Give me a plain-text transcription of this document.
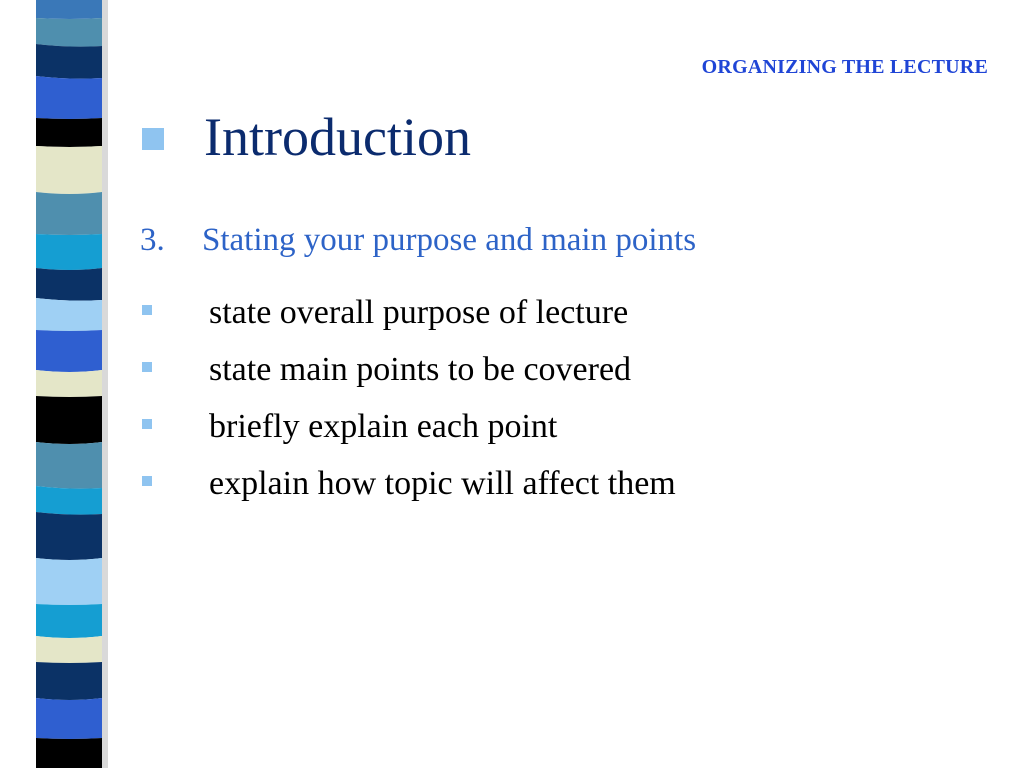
ORGANIZING THE LECTURE
Introduction
3. Stating your purpose and main points
state overall purpose of lecture
state main points to be covered
briefly explain each point
explain how topic will affect them
